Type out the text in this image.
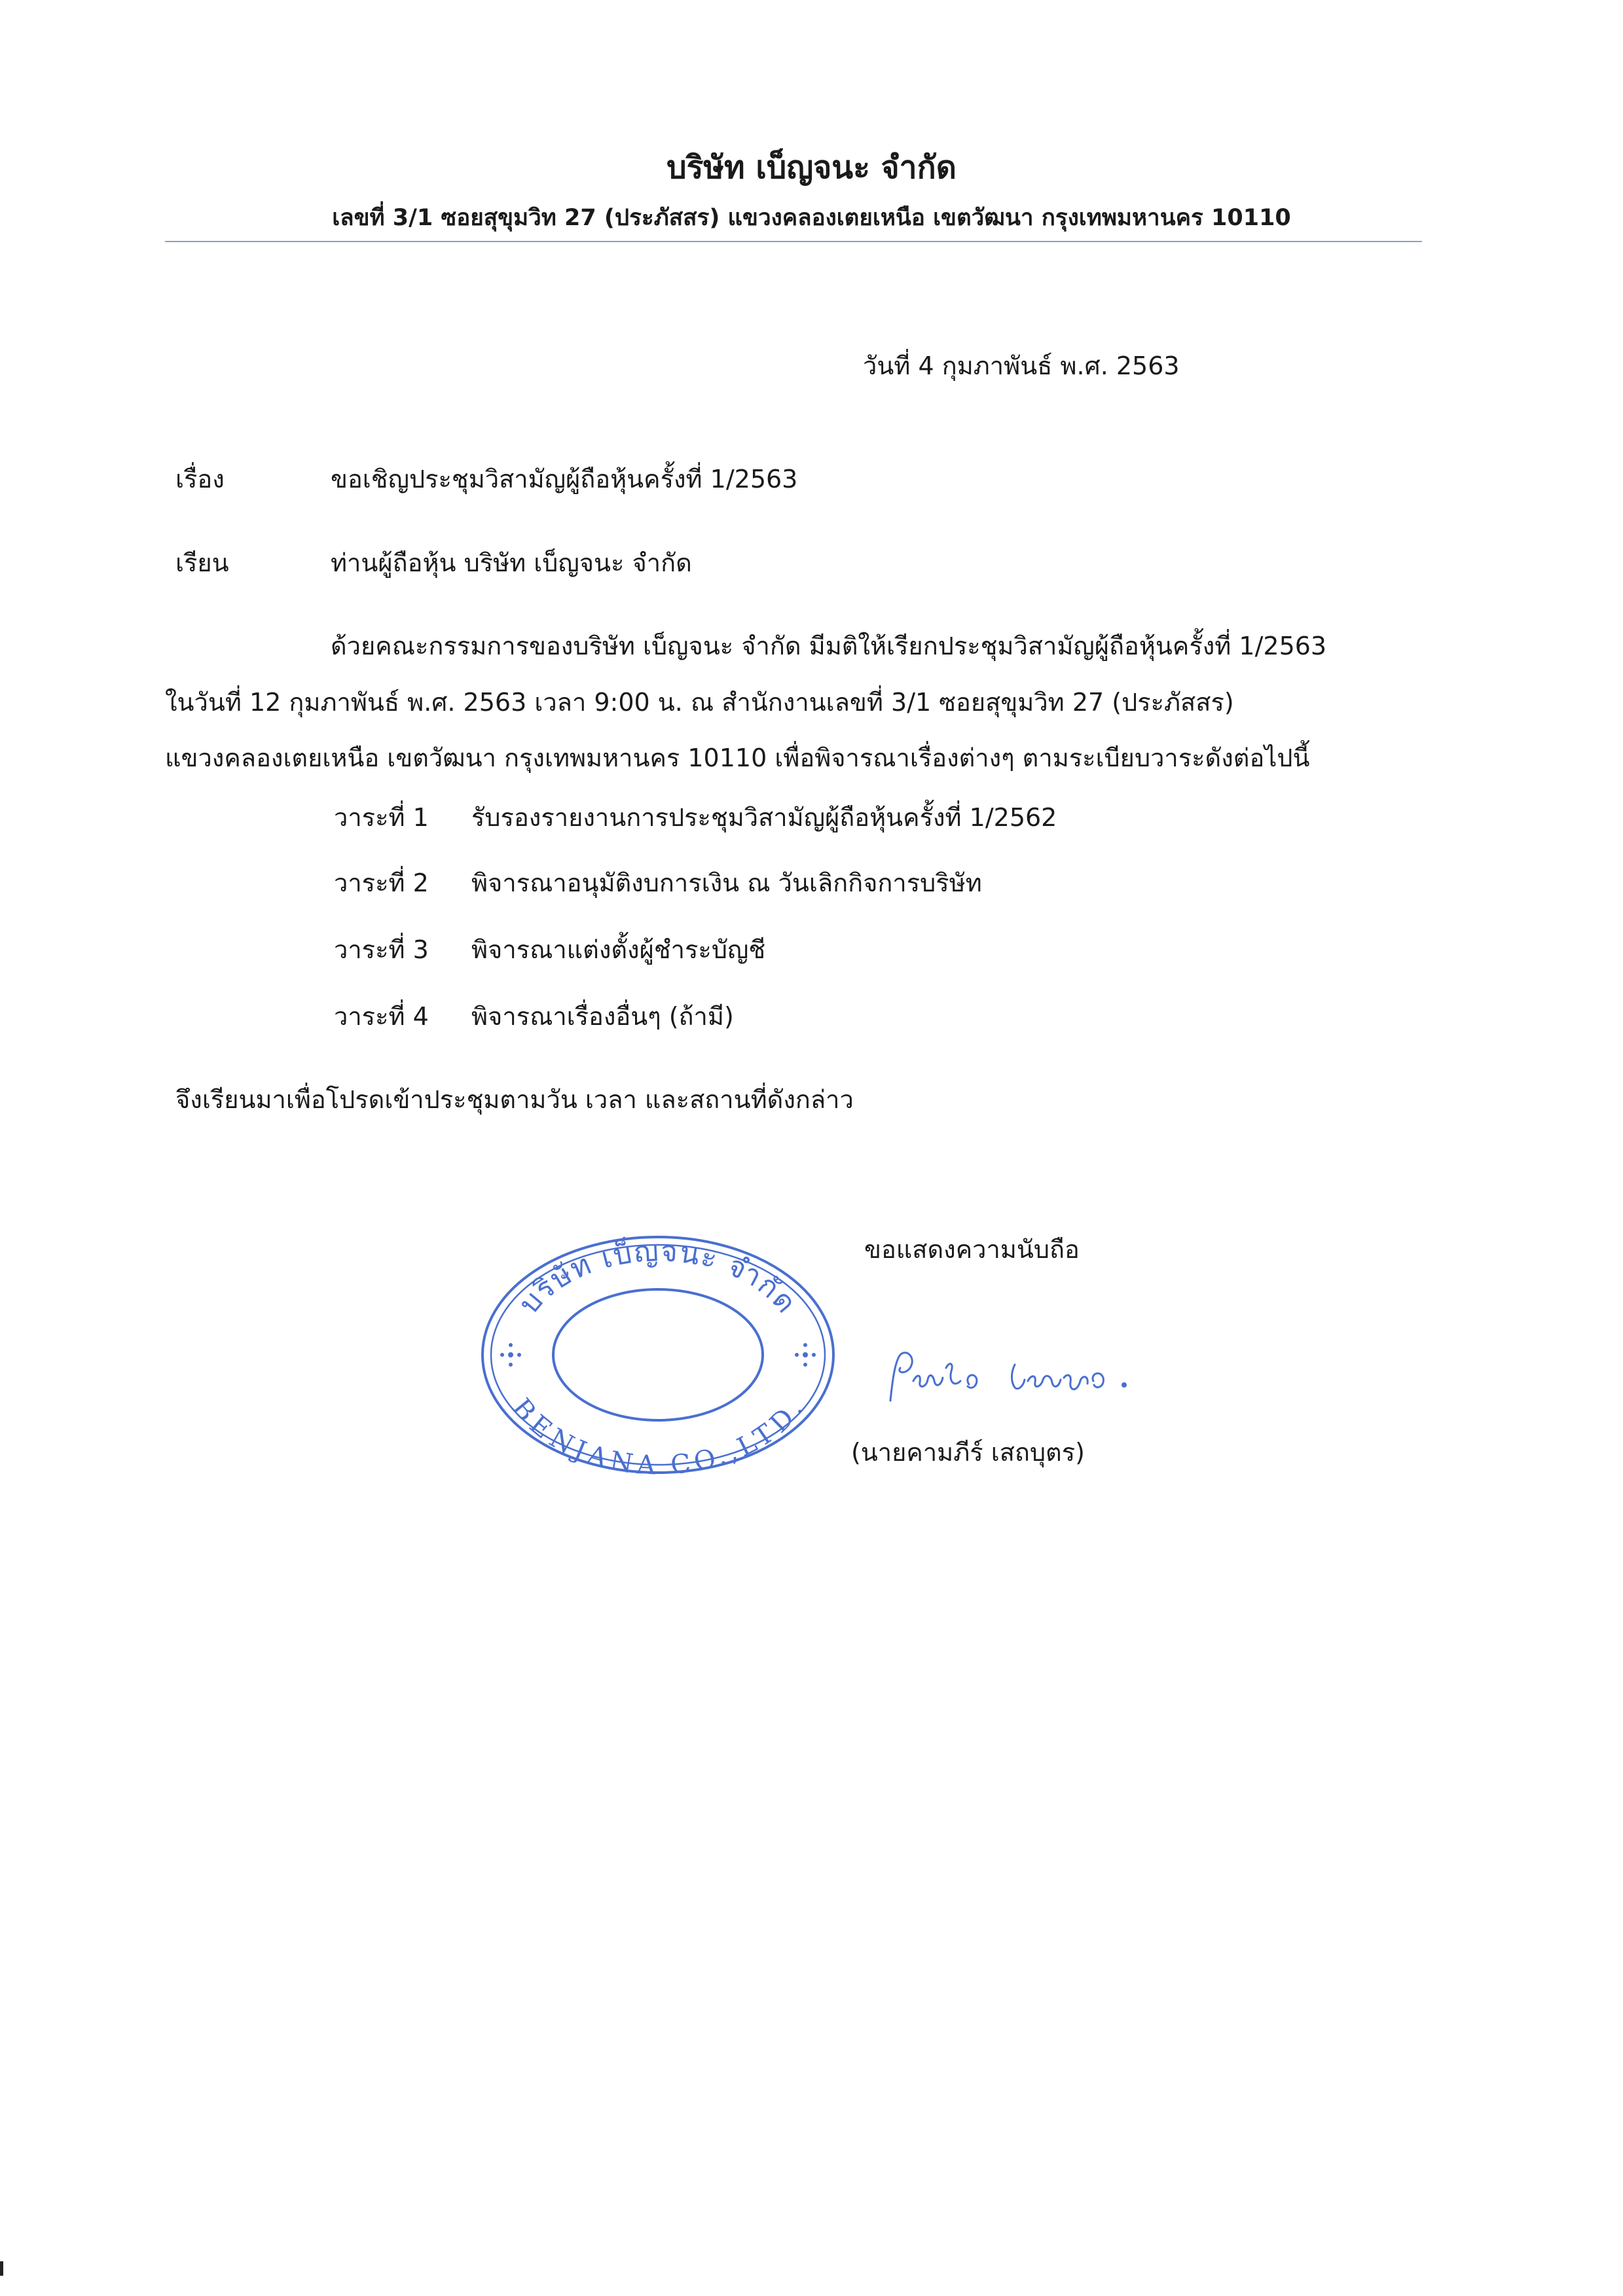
บริษัท เบ็ญจนะ จำกัด
เลขที่ 3/1 ซอยสุขุมวิท 27 (ประภัสสร) แขวงคลองเตยเหนือ เขตวัฒนา กรุงเทพมหานคร 10110
วันที่ 4 กุมภาพันธ์ พ.ศ. 2563
เรื่อง	ขอเชิญประชุมวิสามัญผู้ถือหุ้นครั้งที่ 1/2563
เรียน	ท่านผู้ถือหุ้น บริษัท เบ็ญจนะ จำกัด
ด้วยคณะกรรมการของบริษัท เบ็ญจนะ จำกัด มีมติให้เรียกประชุมวิสามัญผู้ถือหุ้นครั้งที่ 1/2563
ในวันที่ 12 กุมภาพันธ์ พ.ศ. 2563 เวลา 9:00 น. ณ สำนักงานเลขที่ 3/1 ซอยสุขุมวิท 27 (ประภัสสร)
แขวงคลองเตยเหนือ เขตวัฒนา กรุงเทพมหานคร 10110 เพื่อพิจารณาเรื่องต่างๆ ตามระเบียบวาระดังต่อไปนี้
วาระที่ 1 รับรองรายงานการประชุมวิสามัญผู้ถือหุ้นครั้งที่ 1/2562
วาระที่ 2 พิจารณาอนุมัติงบการเงิน ณ วันเลิกกิจการบริษัท
วาระที่ 3 พิจารณาแต่งตั้งผู้ชำระบัญชี
วาระที่ 4 พิจารณาเรื่องอื่นๆ (ถ้ามี)
จึงเรียนมาเพื่อโปรดเข้าประชุมตามวัน เวลา และสถานที่ดังกล่าว
ขอแสดงความนับถือ
บริษัท เบ็ญจนะ จำกัด
BENJANA CO.,LTD.
(นายคามภีร์ เสถบุตร)
